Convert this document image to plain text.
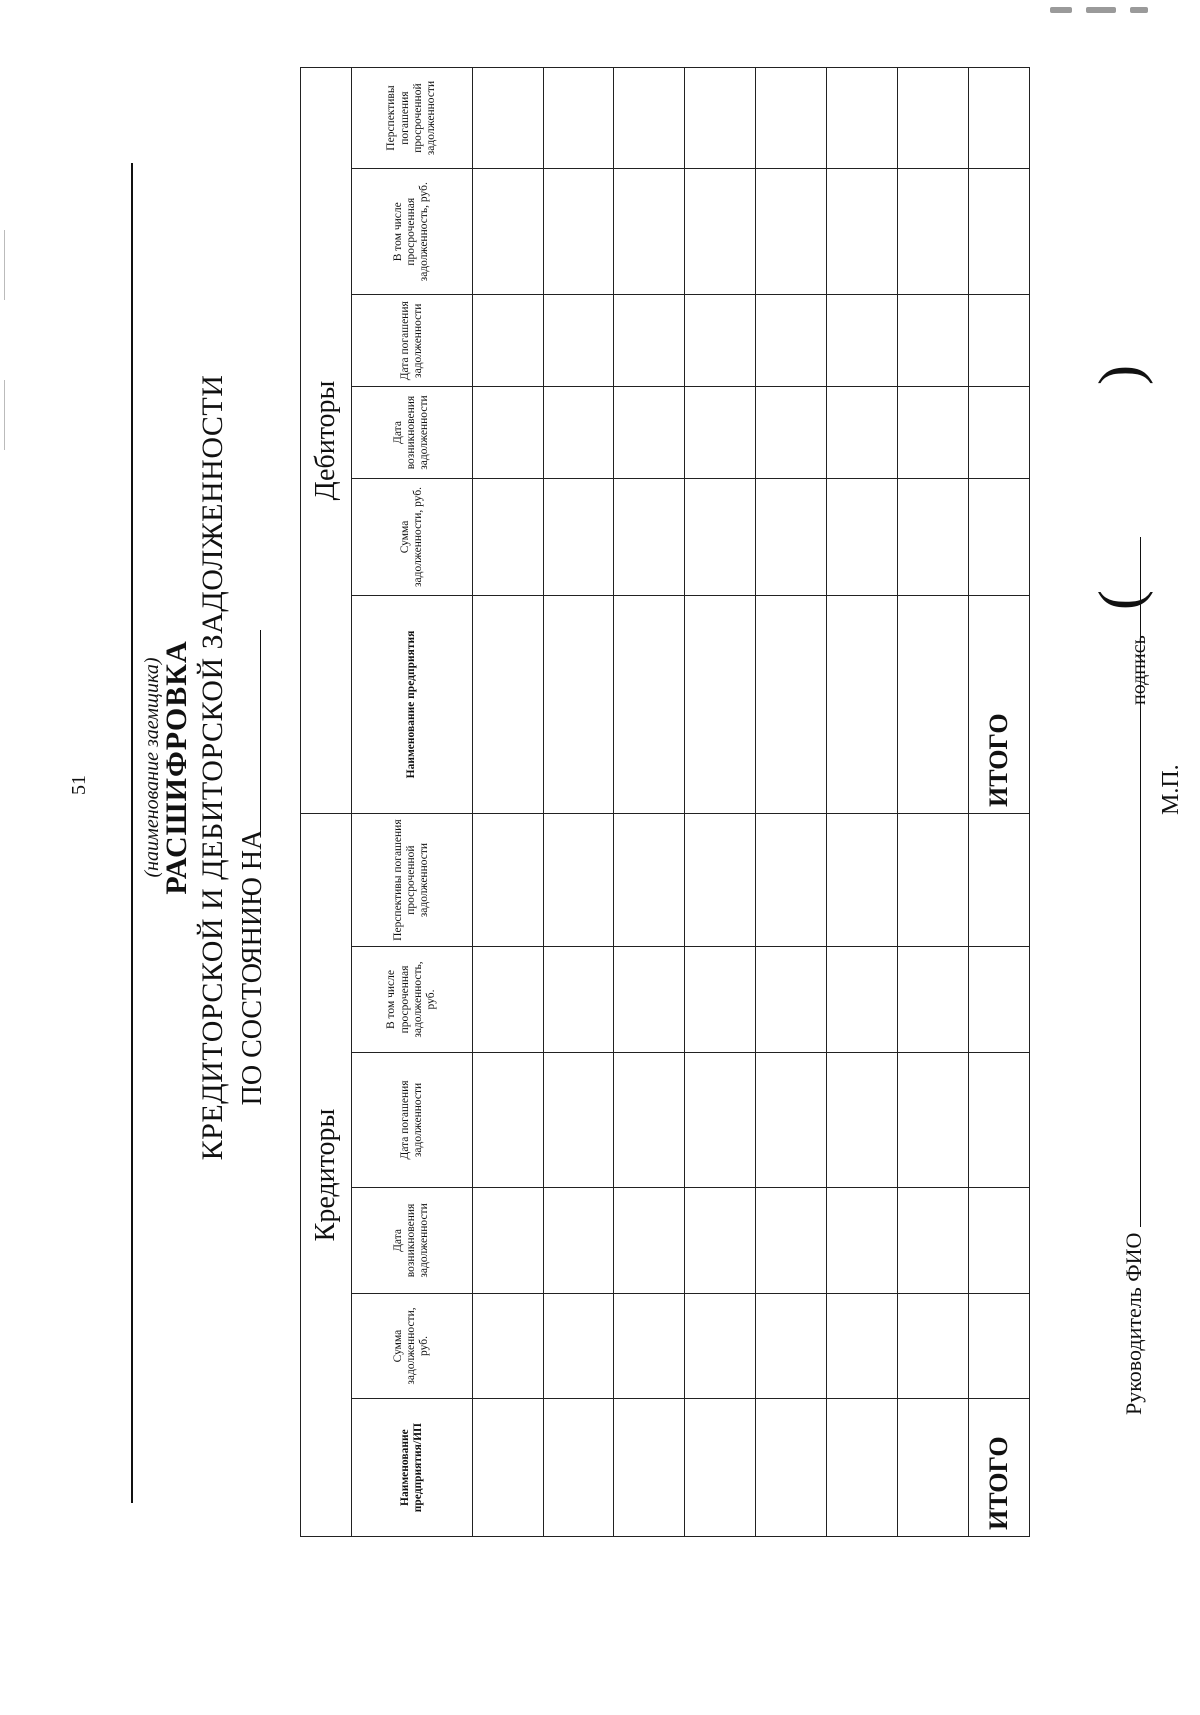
51	(наименование заемщика)
РАСШИФРОВКА КРЕДИТОРСКОЙ И ДЕБИТОРСКОЙ ЗАДОЛЖЕННОСТИ ПО СОСТОЯНИЮ НА
Кредиторы						Дебиторы					
Наименование предприятия/ИП	Сумма задолженности, руб.	Дата возникновения задолженности	Дата погашения задолженности	В том числе просроченная задолженность, руб.	Перспективы погашения просроченной задолженности	Наименование предприятия	Сумма задолженности, руб.	Дата возникновения задолженности	Дата погашения задолженности	В том числе просроченная задолженность, руб.	Перспективы погашения просроченной задолженности

ИТОГО						ИТОГО					
Руководитель ФИО
подпись
(
)
М.П.
